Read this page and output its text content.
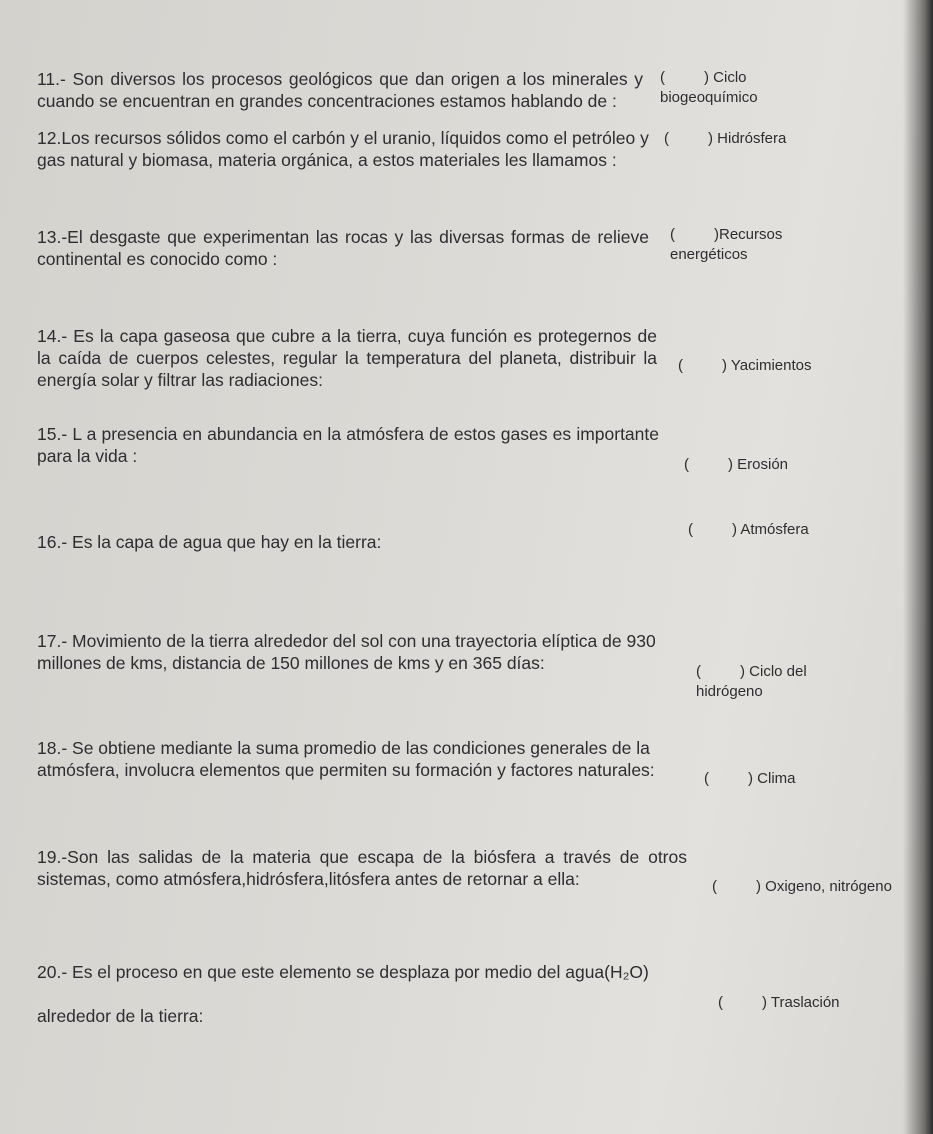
11.- Son diversos los procesos geológicos que dan origen a los minerales y
cuando se encuentran en grandes concentraciones estamos hablando de :
12.Los recursos sólidos como el carbón y el uranio, líquidos como el petróleo y
gas natural y biomasa, materia orgánica, a estos materiales les llamamos :
13.-El desgaste que experimentan las rocas y las diversas formas de relieve
continental es conocido como :
14.- Es la capa gaseosa que cubre a la tierra, cuya función es protegernos de
la caída de cuerpos celestes, regular la temperatura del planeta, distribuir la
energía solar y filtrar las radiaciones:
15.- L a presencia en abundancia en la atmósfera de estos gases es importante
para la vida :
16.- Es la capa de agua que hay en la tierra:
17.- Movimiento de la tierra alrededor del sol con una trayectoria elíptica de 930
millones de kms, distancia de 150 millones de kms y en 365 días:
18.- Se obtiene mediante la suma promedio de las condiciones generales de la
atmósfera, involucra elementos que permiten su formación y factores naturales:
19.-Son las salidas de la materia que escapa de la biósfera a través de otros
sistemas, como atmósfera,hidrósfera,litósfera antes de retornar a ella:
20.- Es el proceso en que este elemento se desplaza por medio del agua(H₂O)
alrededor de la tierra:
(	) Ciclo
biogeoquímico
(	) Hidrósfera
(	)Recursos
energéticos
(	) Yacimientos
(	) Erosión
(	) Atmósfera
(	) Ciclo del
hidrógeno
(	) Clima
(	) Oxigeno, nitrógeno
(	) Traslación
